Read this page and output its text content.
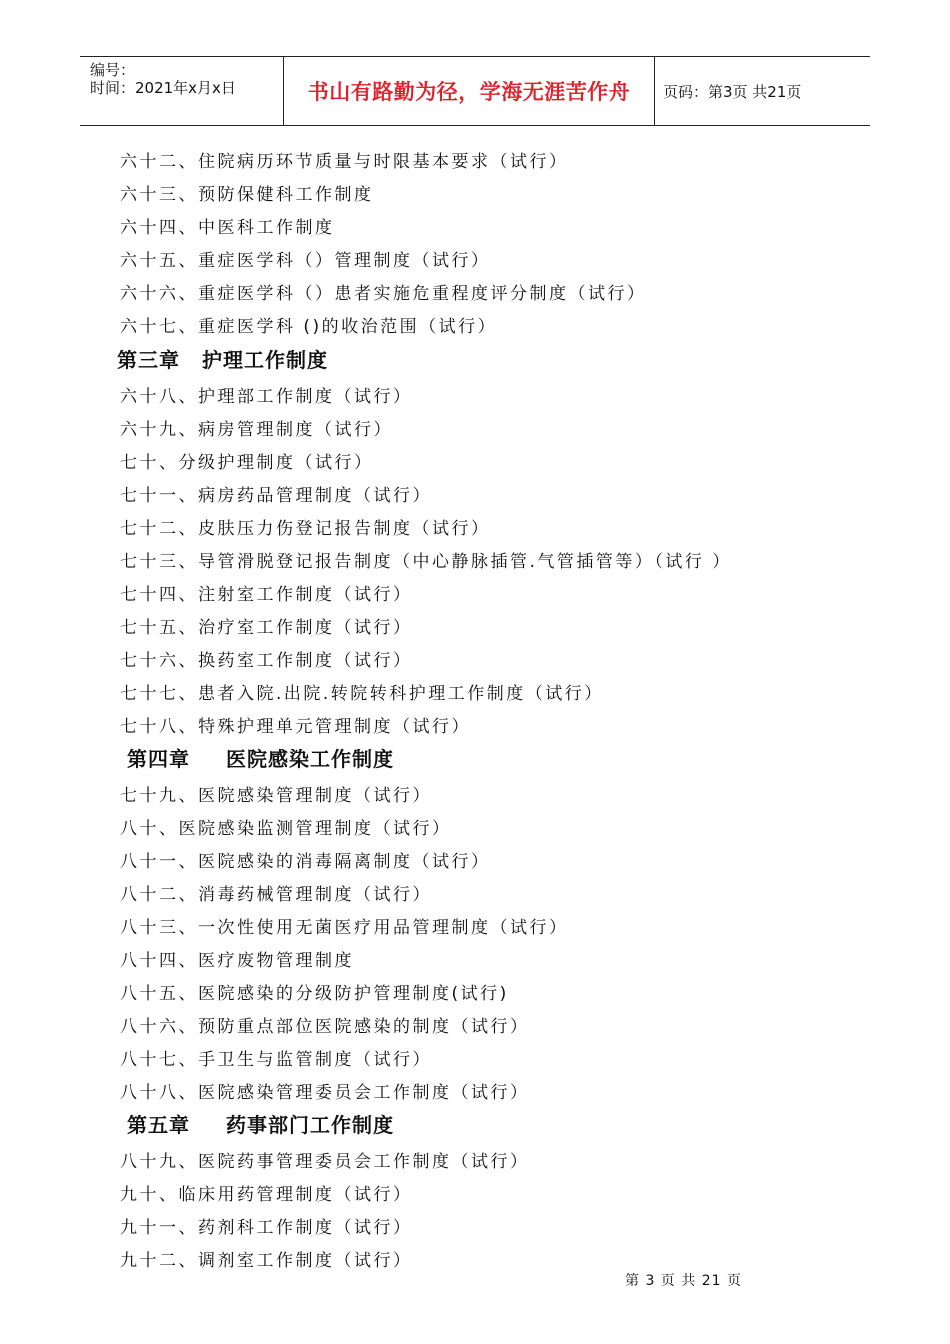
编号：
时间：2021年x月x日	书山有路勤为径，学海无涯苦作舟	页码：第3页 共21页
六十二、住院病历环节质量与时限基本要求（试行）
六十三、预防保健科工作制度
六十四、中医科工作制度
六十五、重症医学科（）管理制度（试行）
六十六、重症医学科（）患者实施危重程度评分制度（试行）
六十七、重症医学科 ()的收治范围（试行）
第三章 护理工作制度
六十八、护理部工作制度（试行）
六十九、病房管理制度（试行）
七十、分级护理制度（试行）
七十一、病房药品管理制度（试行）
七十二、皮肤压力伤登记报告制度（试行）
七十三、导管滑脱登记报告制度（中心静脉插管.气管插管等）（试行 ）
七十四、注射室工作制度（试行）
七十五、治疗室工作制度（试行）
七十六、换药室工作制度（试行）
七十七、患者入院.出院.转院转科护理工作制度（试行）
七十八、特殊护理单元管理制度（试行）
第四章 医院感染工作制度
七十九、医院感染管理制度（试行）
八十、医院感染监测管理制度（试行）
八十一、医院感染的消毒隔离制度（试行）
八十二、消毒药械管理制度（试行）
八十三、一次性使用无菌医疗用品管理制度（试行）
八十四、医疗废物管理制度
八十五、医院感染的分级防护管理制度(试行)
八十六、预防重点部位医院感染的制度（试行）
八十七、手卫生与监管制度（试行）
八十八、医院感染管理委员会工作制度（试行）
第五章 药事部门工作制度
八十九、医院药事管理委员会工作制度（试行）
九十、临床用药管理制度（试行）
九十一、药剂科工作制度（试行）
九十二、调剂室工作制度（试行）
第 3 页 共 21 页
